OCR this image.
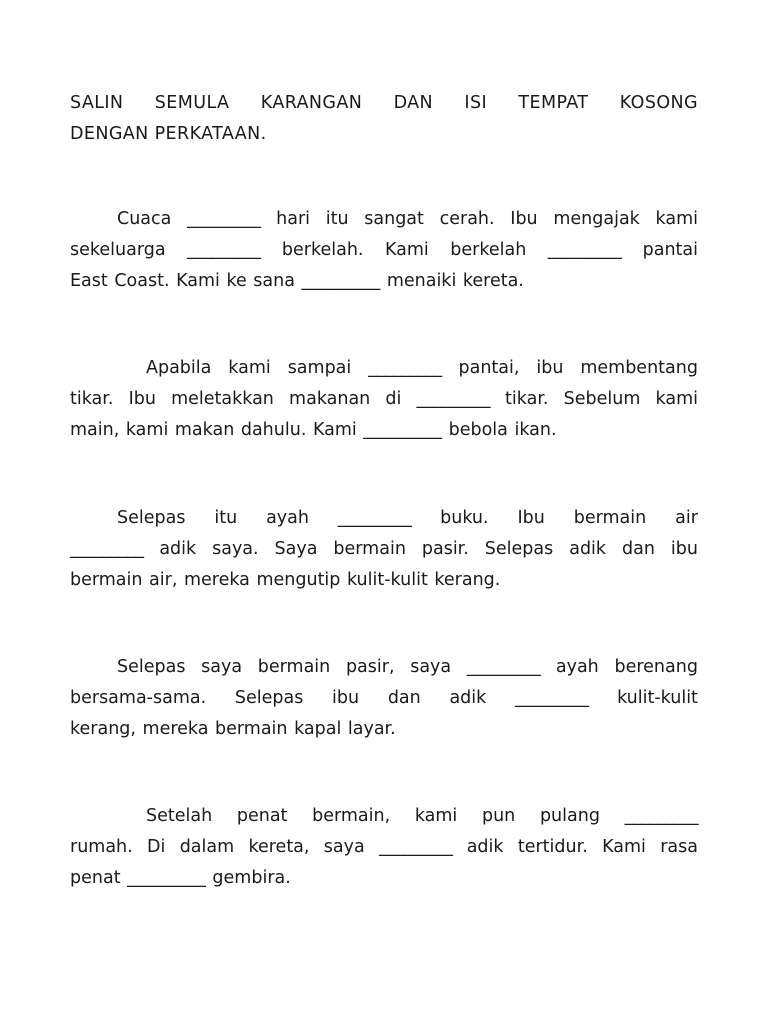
SALIN SEMULA KARANGAN DAN ISI TEMPAT KOSONG
DENGAN PERKATAAN.

Cuaca _________ hari itu sangat cerah. Ibu mengajak kami
sekeluarga _________ berkelah. Kami berkelah _________ pantai
East Coast. Kami ke sana _________ menaiki kereta.
Apabila kami sampai _________ pantai, ibu membentang
tikar. Ibu meletakkan makanan di _________ tikar. Sebelum kami
main, kami makan dahulu. Kami _________ bebola ikan.
Selepas itu ayah _________ buku. Ibu bermain air
_________ adik saya. Saya bermain pasir. Selepas adik dan ibu
bermain air, mereka mengutip kulit-kulit kerang.
Selepas saya bermain pasir, saya _________ ayah berenang
bersama-sama. Selepas ibu dan adik _________ kulit-kulit
kerang, mereka bermain kapal layar.
Setelah penat bermain, kami pun pulang _________
rumah. Di dalam kereta, saya _________ adik tertidur. Kami rasa
penat _________ gembira.
